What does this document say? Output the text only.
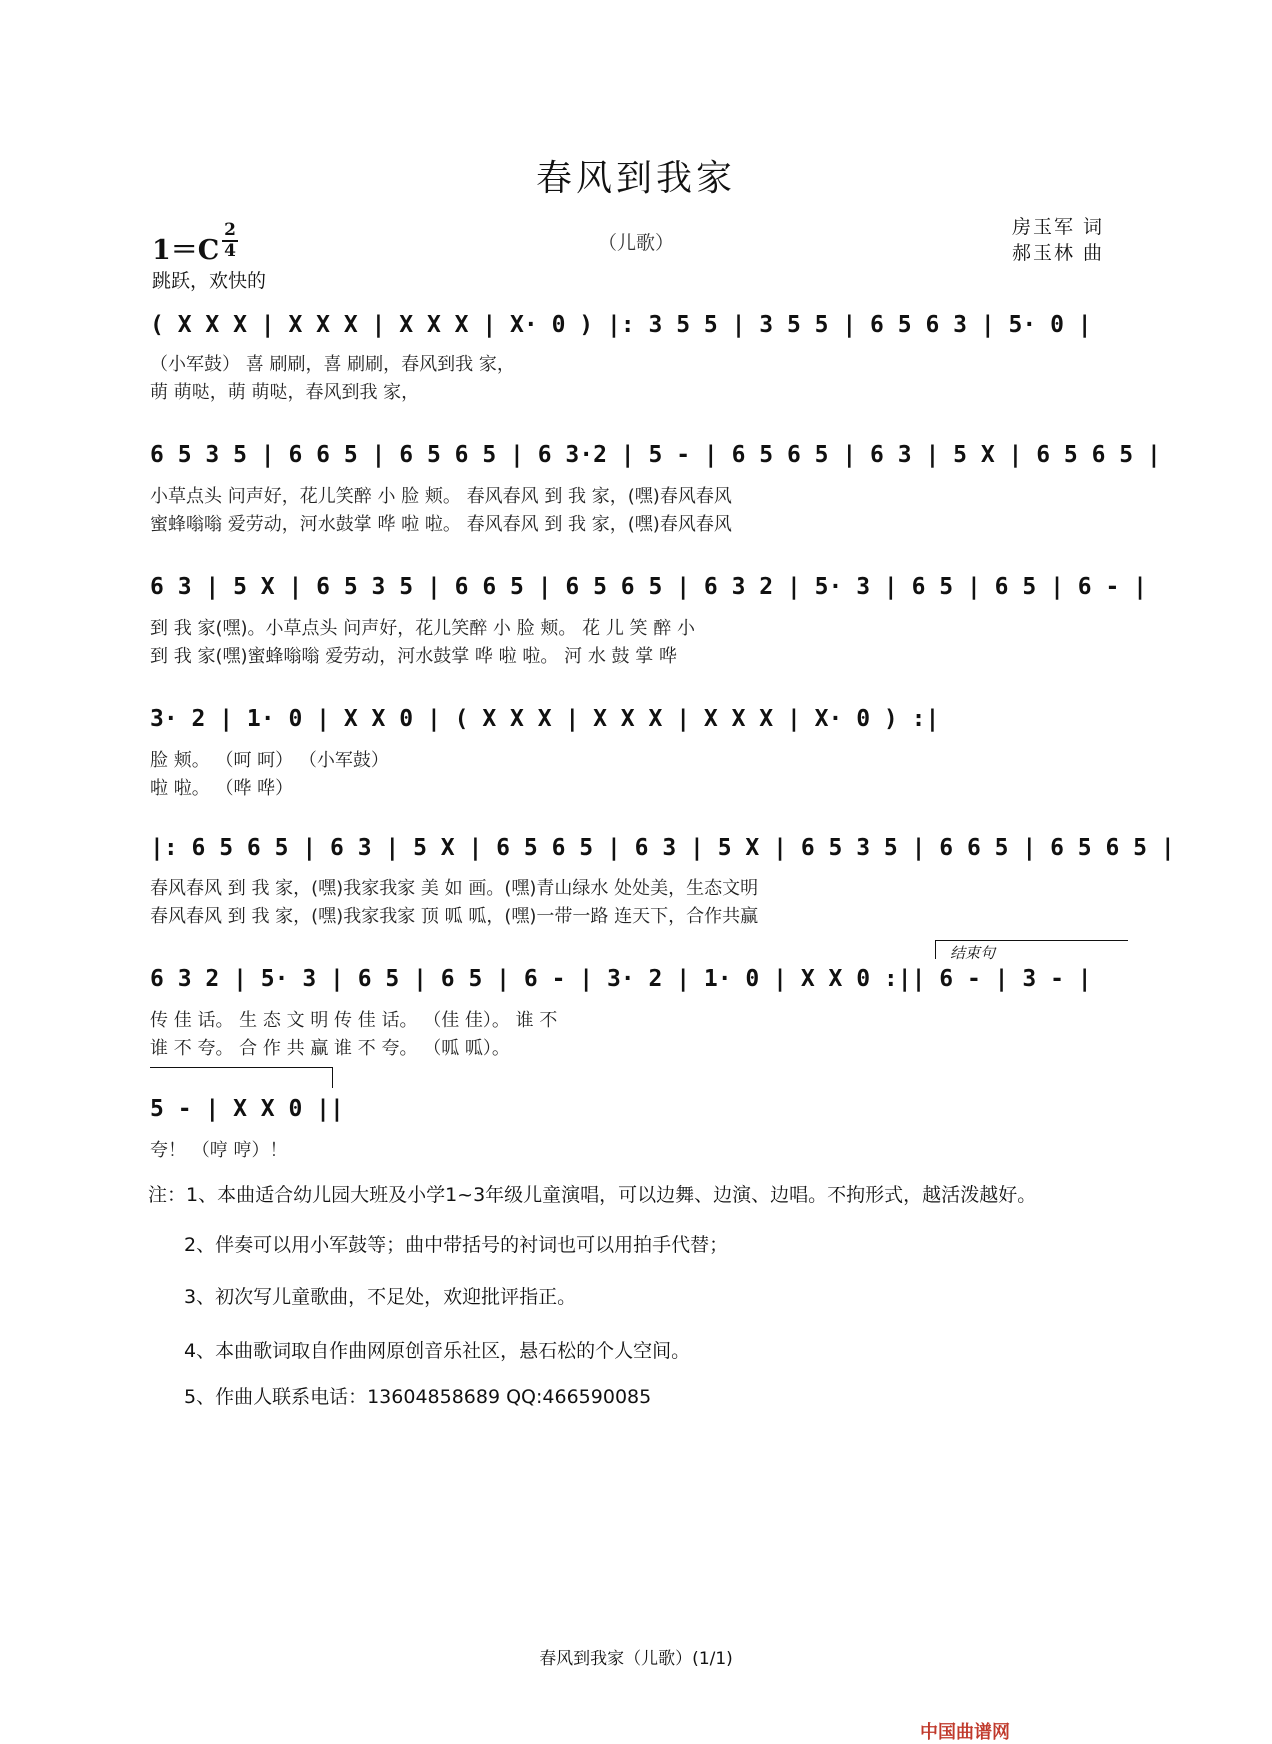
春风到我家
1＝C
2
4	（儿歌）
房玉军 词
郝玉林 曲
跳跃，欢快的
( X X X | X X X | X X X | X· 0 ) |: 3 5 5 | 3 5 5 | 6 5 6 3 | 5· 0 |
（小军鼓） 喜 刷刷，喜 刷刷，春风到我 家，
萌 萌哒，萌 萌哒，春风到我 家，
6 5 3 5 | 6 6 5 | 6 5 6 5 | 6 3·2 | 5 - | 6 5 6 5 | 6 3 | 5 X | 6 5 6 5 |
小草点头 问声好，花儿笑醉 小 脸 颊。 春风春风 到 我 家，(嘿)春风春风
蜜蜂嗡嗡 爱劳动，河水鼓掌 哗 啦 啦。 春风春风 到 我 家，(嘿)春风春风
6 3 | 5 X | 6 5 3 5 | 6 6 5 | 6 5 6 5 | 6 3 2 | 5· 3 | 6 5 | 6 5 | 6 - |
到 我 家(嘿)。小草点头 问声好，花儿笑醉 小 脸 颊。 花 儿 笑 醉 小
到 我 家(嘿)蜜蜂嗡嗡 爱劳动，河水鼓掌 哗 啦 啦。 河 水 鼓 掌 哗
3· 2 | 1· 0 | X X 0 | ( X X X | X X X | X X X | X· 0 ) :|
脸 颊。 （呵 呵） （小军鼓）
啦 啦。 （哗 哗）
|: 6 5 6 5 | 6 3 | 5 X | 6 5 6 5 | 6 3 | 5 X | 6 5 3 5 | 6 6 5 | 6 5 6 5 |
春风春风 到 我 家，(嘿)我家我家 美 如 画。(嘿)青山绿水 处处美，生态文明
春风春风 到 我 家，(嘿)我家我家 顶 呱 呱，(嘿)一带一路 连天下，合作共赢
结束句
6 3 2 | 5· 3 | 6 5 | 6 5 | 6 - | 3· 2 | 1· 0 | X X 0 :|| 6 - | 3 - |
传 佳 话。 生 态 文 明 传 佳 话。 （佳 佳）。 谁 不
谁 不 夸。 合 作 共 赢 谁 不 夸。 （呱 呱）。
5 - | X X 0 ||
夸！ （哼 哼）！
注：1、本曲适合幼儿园大班及小学1~3年级儿童演唱，可以边舞、边演、边唱。不拘形式，越活泼越好。
2、伴奏可以用小军鼓等；曲中带括号的衬词也可以用拍手代替；
3、初次写儿童歌曲，不足处，欢迎批评指正。
4、本曲歌词取自作曲网原创音乐社区，悬石松的个人空间。
5、作曲人联系电话：13604858689 QQ:466590085
春风到我家（儿歌）(1/1)
中国曲谱网
